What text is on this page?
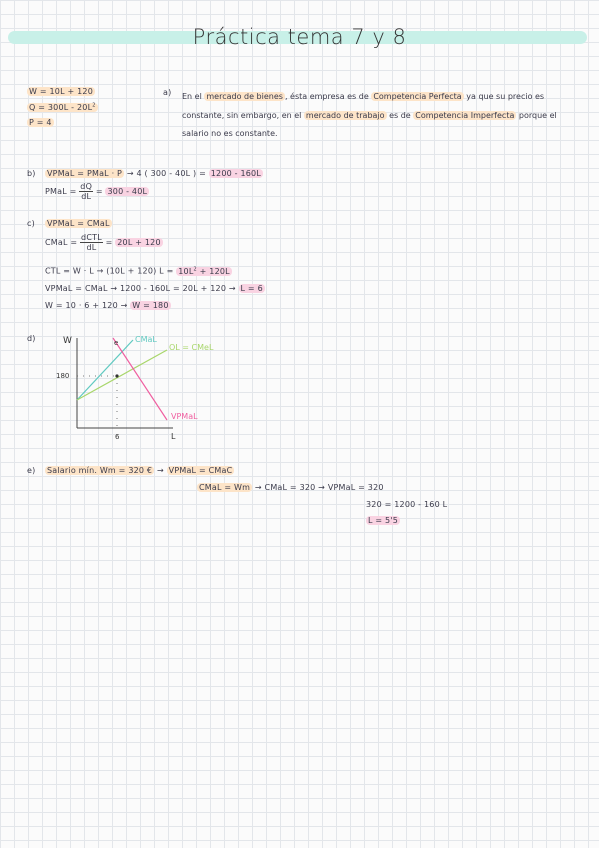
Práctica tema 7 y 8
W = 10L + 120
$Q = 300L - 20L^2$
P = 4
a) En el mercado de bienes , ésta empresa es de Competencia Perfecta ya que su precio es constante, sin embargo, en el mercado de trabajo es de Competencia Imperfecta porque el salario no es constante.
b) VPMaL = PMaL · P → 4 ( 300 - 40L ) = 1200 - 160L
PMaL = $\frac{dQ}{dL} = 300 - 40L$
c) VPMaL = CMaL
CMaL = $\frac{\text{dCTL}}{dL} = 20L + 120$
CTL = W · L → (10L + 120) $L = 10L^2 + 120L$
VPMaL = CMaL → 1200 - 160L = 20L + 120 → L = 6
W = 10 · 6 + 120 → W = 180
d)	W
L
e
180
6
CMaL
OL = CMeL
VPMaL
e) Salario mín. Wm = 320 € → VPMaL = CMaC
CMaL = Wm → CMaL = 320 → VPMaL = 320
320 = 1200 - 160 L
L = 5'5
